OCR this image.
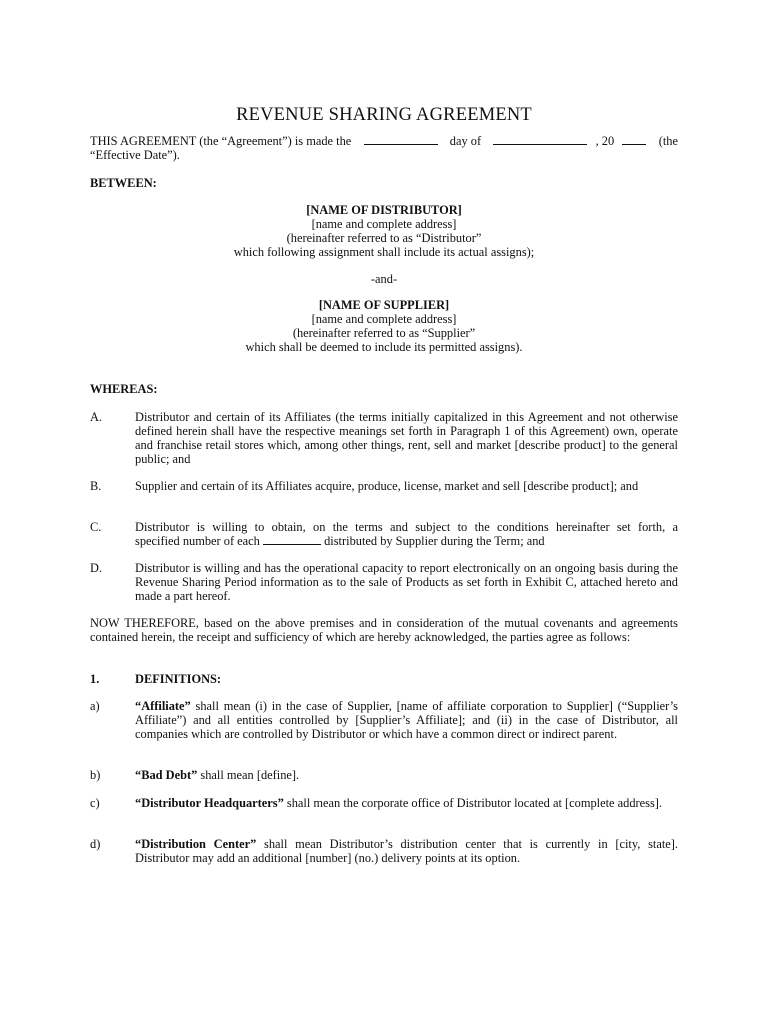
REVENUE SHARING AGREEMENT
THIS AGREEMENT (the “Agreement”) is made the	day of	, 20	(the
“Effective Date”).
BETWEEN:
[NAME OF DISTRIBUTOR]
[name and complete address]
(hereinafter referred to as “Distributor”
which following assignment shall include its actual assigns);
-and-
[NAME OF SUPPLIER]
[name and complete address]
(hereinafter referred to as “Supplier”
which shall be deemed to include its permitted assigns).
WHEREAS:
A.	Distributor and certain of its Affiliates (the terms initially capitalized in this Agreement and not otherwise defined herein shall have the respective meanings set forth in Paragraph 1 of this Agreement) own, operate and franchise retail stores which, among other things, rent, sell and market [describe product] to the general public; and

B.	Supplier and certain of its Affiliates acquire, produce, license, market and sell [describe product]; and

C.	Distributor is willing to obtain, on the terms and subject to the conditions hereinafter set forth, a

specified number of each	distributed by Supplier during the Term; and
D.	Distributor is willing and has the operational capacity to report electronically on an ongoing basis during the Revenue Sharing Period information as to the sale of Products as set forth in Exhibit C, attached hereto and made a part hereof.

NOW THEREFORE, based on the above premises and in consideration of the mutual covenants and agreements contained herein, the receipt and sufficiency of which are hereby acknowledged, the parties agree as follows:

1.	DEFINITIONS:
a)	“Affiliate” shall mean (i) in the case of Supplier, [name of affiliate corporation to Supplier] (“Supplier’s Affiliate”) and all entities controlled by [Supplier’s Affiliate]; and (ii) in the case of Distributor, all companies which are controlled by Distributor or which have a common direct or indirect parent.

b)	“Bad Debt” shall mean [define].

c)	“Distributor Headquarters” shall mean the corporate office of Distributor located at [complete address].

d)	“Distribution Center” shall mean Distributor’s distribution center that is currently in [city, state]. Distributor may add an additional [number] (no.) delivery points at its option.
